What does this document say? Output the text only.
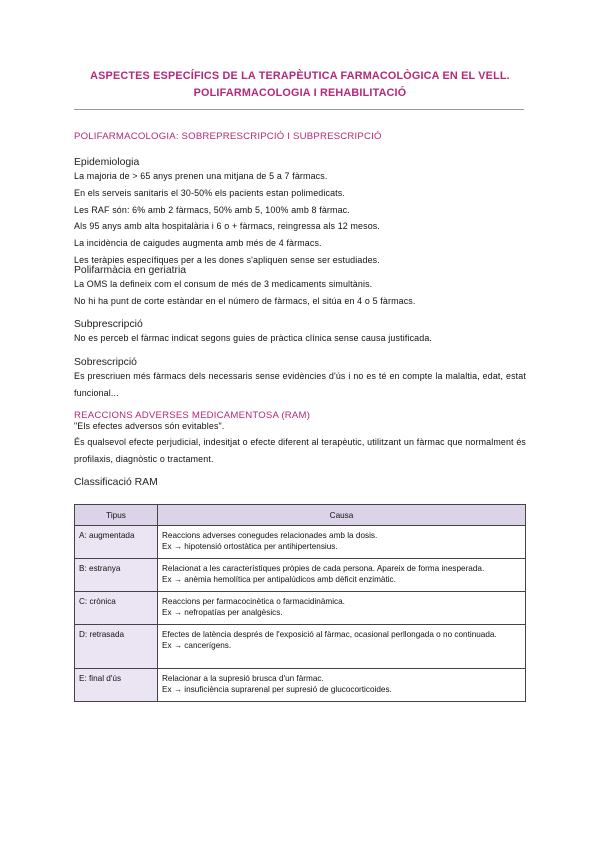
ASPECTES ESPECÍFICS DE LA TERAPÈUTICA FARMACOLÒGICA EN EL VELL.
POLIFARMACOLOGIA I REHABILITACIÓ
POLIFARMACOLOGIA: SOBREPRESCRIPCIÓ I SUBPRESCRIPCIÓ
Epidemiologia
La majoria de > 65 anys prenen una mitjana de 5 a 7 fàrmacs.
En els serveis sanitaris el 30-50% els pacients estan polimedicats.
Les RAF són: 6% amb 2 fàrmacs, 50% amb 5, 100% amb 8 fàrmac.
Als 95 anys amb alta hospitalària i 6 o + fàrmacs, reingressa als 12 mesos.
La incidència de caigudes augmenta amb més de 4 fàrmacs.
Les teràpies específiques per a les dones s'apliquen sense ser estudiades.
Polifarmàcia en geriatria
La OMS la defineix com el consum de més de 3 medicaments simultànis.
No hi ha punt de corte estàndar en el número de fàrmacs, el sitúa en 4 o 5 fàrmacs.
Subprescripció
No es perceb el fàrmac indicat segons guies de pràctica clínica sense causa justificada.
Sobrescripció
Es prescriuen més fàrmacs dels necessaris sense evidències d'ús i no es té en compte la malaltia, edat, estat funcional...
REACCIONS ADVERSES MEDICAMENTOSA (RAM)
"Els efectes adversos són evitables".
És qualsevol efecte perjudicial, indesitjat o efecte diferent al terapèutic, utilitzant un fàrmac que normalment és profilaxis, diagnòstic o tractament.
Classificació RAM
Tipus	Causa
A: augmentada	Reaccions adverses conegudes relacionades amb la dosis.
Ex → hipotensió ortostàtica per antihipertensius.

B: estranya	Relacionat a les característiques pròpies de cada persona. Apareix de forma inesperada.
Ex → anèmia hemolítica per antipalúdicos amb dèficit enzimàtic.

C: crònica	Reaccions per farmacocinètica o farmacidinàmica.
Ex → nefropatías per analgèsics.

D: retrasada	Efectes de latència després de l'exposició al fàrmac, ocasional perllongada o no continuada.
Ex → cancerígens.

E: final d'ús	Relacionar a la supresió brusca d'un fàrmac.
Ex → insuficiència suprarenal per supresió de glucocorticoides.
